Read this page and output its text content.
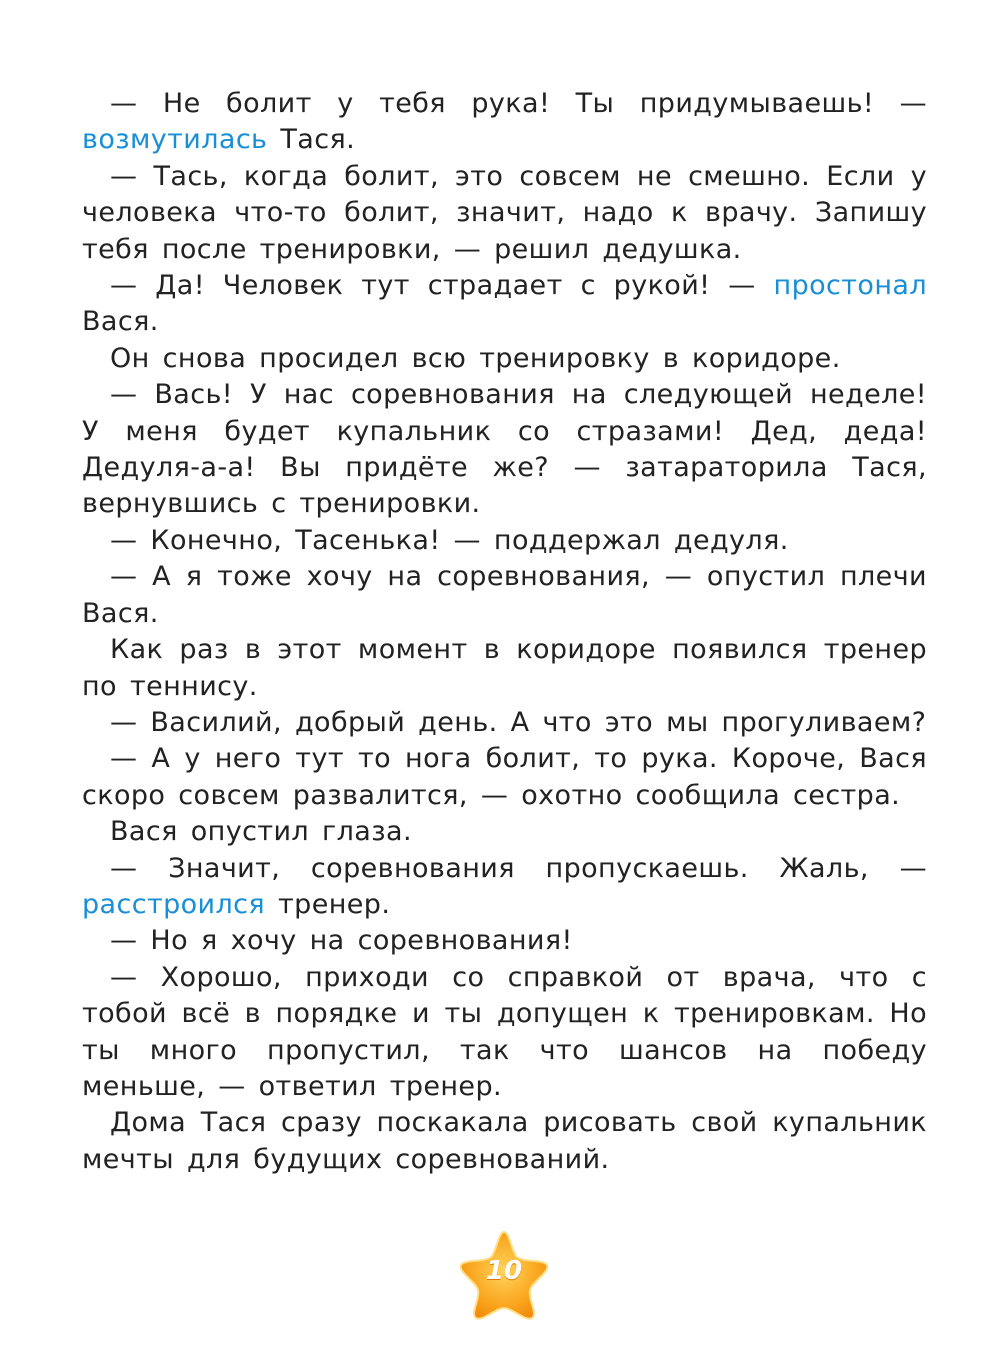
— Не болит у тебя рука! Ты придумываешь! — возмутилась Тася.

— Тась, когда болит, это совсем не смешно. Если у человека что-то болит, значит, надо к врачу. Запишу тебя после тренировки, — решил дедушка.

— Да! Человек тут страдает с рукой! — простонал Вася.

Он снова просидел всю тренировку в коридоре.

— Вась! У нас соревнования на следующей неделе! У меня будет купальник со стразами! Дед, деда! Дедуля-а-а! Вы придёте же? — затараторила Тася, вернувшись с тренировки.

— Конечно, Тасенька! — поддержал дедуля.

— А я тоже хочу на соревнования, — опустил плечи Вася.

Как раз в этот момент в коридоре появился тренер по теннису.

— Василий, добрый день. А что это мы прогуливаем?

— А у него тут то нога болит, то рука. Короче, Вася скоро совсем развалится, — охотно сообщила сестра.

Вася опустил глаза.

— Значит, соревнования пропускаешь. Жаль, — расстроился тренер.

— Но я хочу на соревнования!

— Хорошо, приходи со справкой от врача, что с тобой всё в порядке и ты допущен к тренировкам. Но ты много пропустил, так что шансов на победу меньше, — ответил тренер.

Дома Тася сразу поскакала рисовать свой купальник мечты для будущих соревнований.

10
